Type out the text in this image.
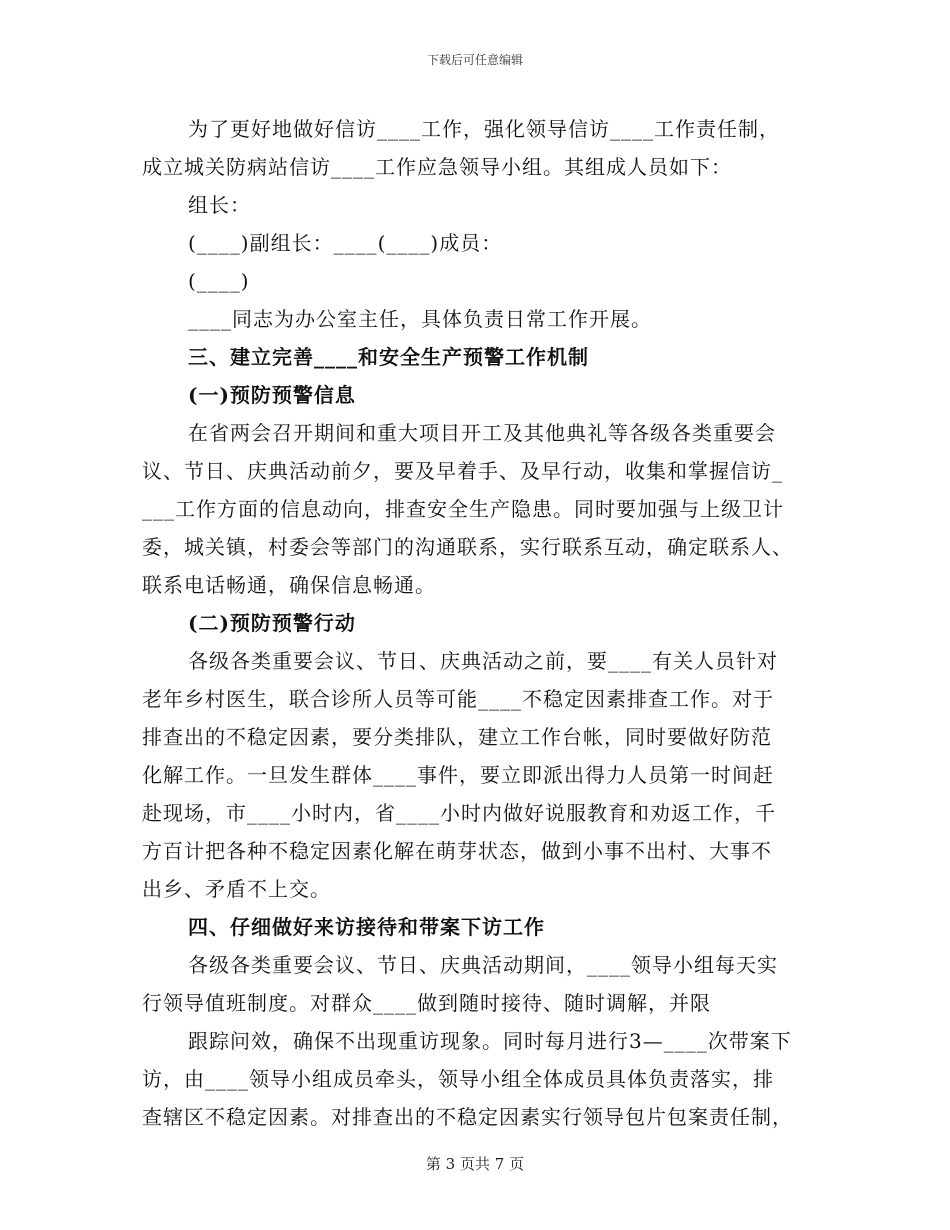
下载后可任意编辑
为了更好地做好信访____工作，强化领导信访____工作责任制，
成立城关防病站信访____工作应急领导小组。其组成人员如下：
组长：
(____)副组长：____(____)成员：
(____)
____同志为办公室主任，具体负责日常工作开展。
三、建立完善____和安全生产预警工作机制
(一)预防预警信息
在省两会召开期间和重大项目开工及其他典礼等各级各类重要会
议、节日、庆典活动前夕，要及早着手、及早行动，收集和掌握信访_
___工作方面的信息动向，排查安全生产隐患。同时要加强与上级卫计
委，城关镇，村委会等部门的沟通联系，实行联系互动，确定联系人、
联系电话畅通，确保信息畅通。
(二)预防预警行动
各级各类重要会议、节日、庆典活动之前，要____有关人员针对
老年乡村医生，联合诊所人员等可能____不稳定因素排查工作。对于
排查出的不稳定因素，要分类排队，建立工作台帐，同时要做好防范
化解工作。一旦发生群体____事件，要立即派出得力人员第一时间赶
赴现场，市____小时内，省____小时内做好说服教育和劝返工作，千
方百计把各种不稳定因素化解在萌芽状态，做到小事不出村、大事不
出乡、矛盾不上交。
四、仔细做好来访接待和带案下访工作
各级各类重要会议、节日、庆典活动期间，____领导小组每天实
行领导值班制度。对群众____做到随时接待、随时调解，并限
跟踪问效，确保不出现重访现象。同时每月进行3—____次带案下
访，由____领导小组成员牵头，领导小组全体成员具体负责落实，排
查辖区不稳定因素。对排查出的不稳定因素实行领导包片包案责任制，
第 3 页共 7 页
